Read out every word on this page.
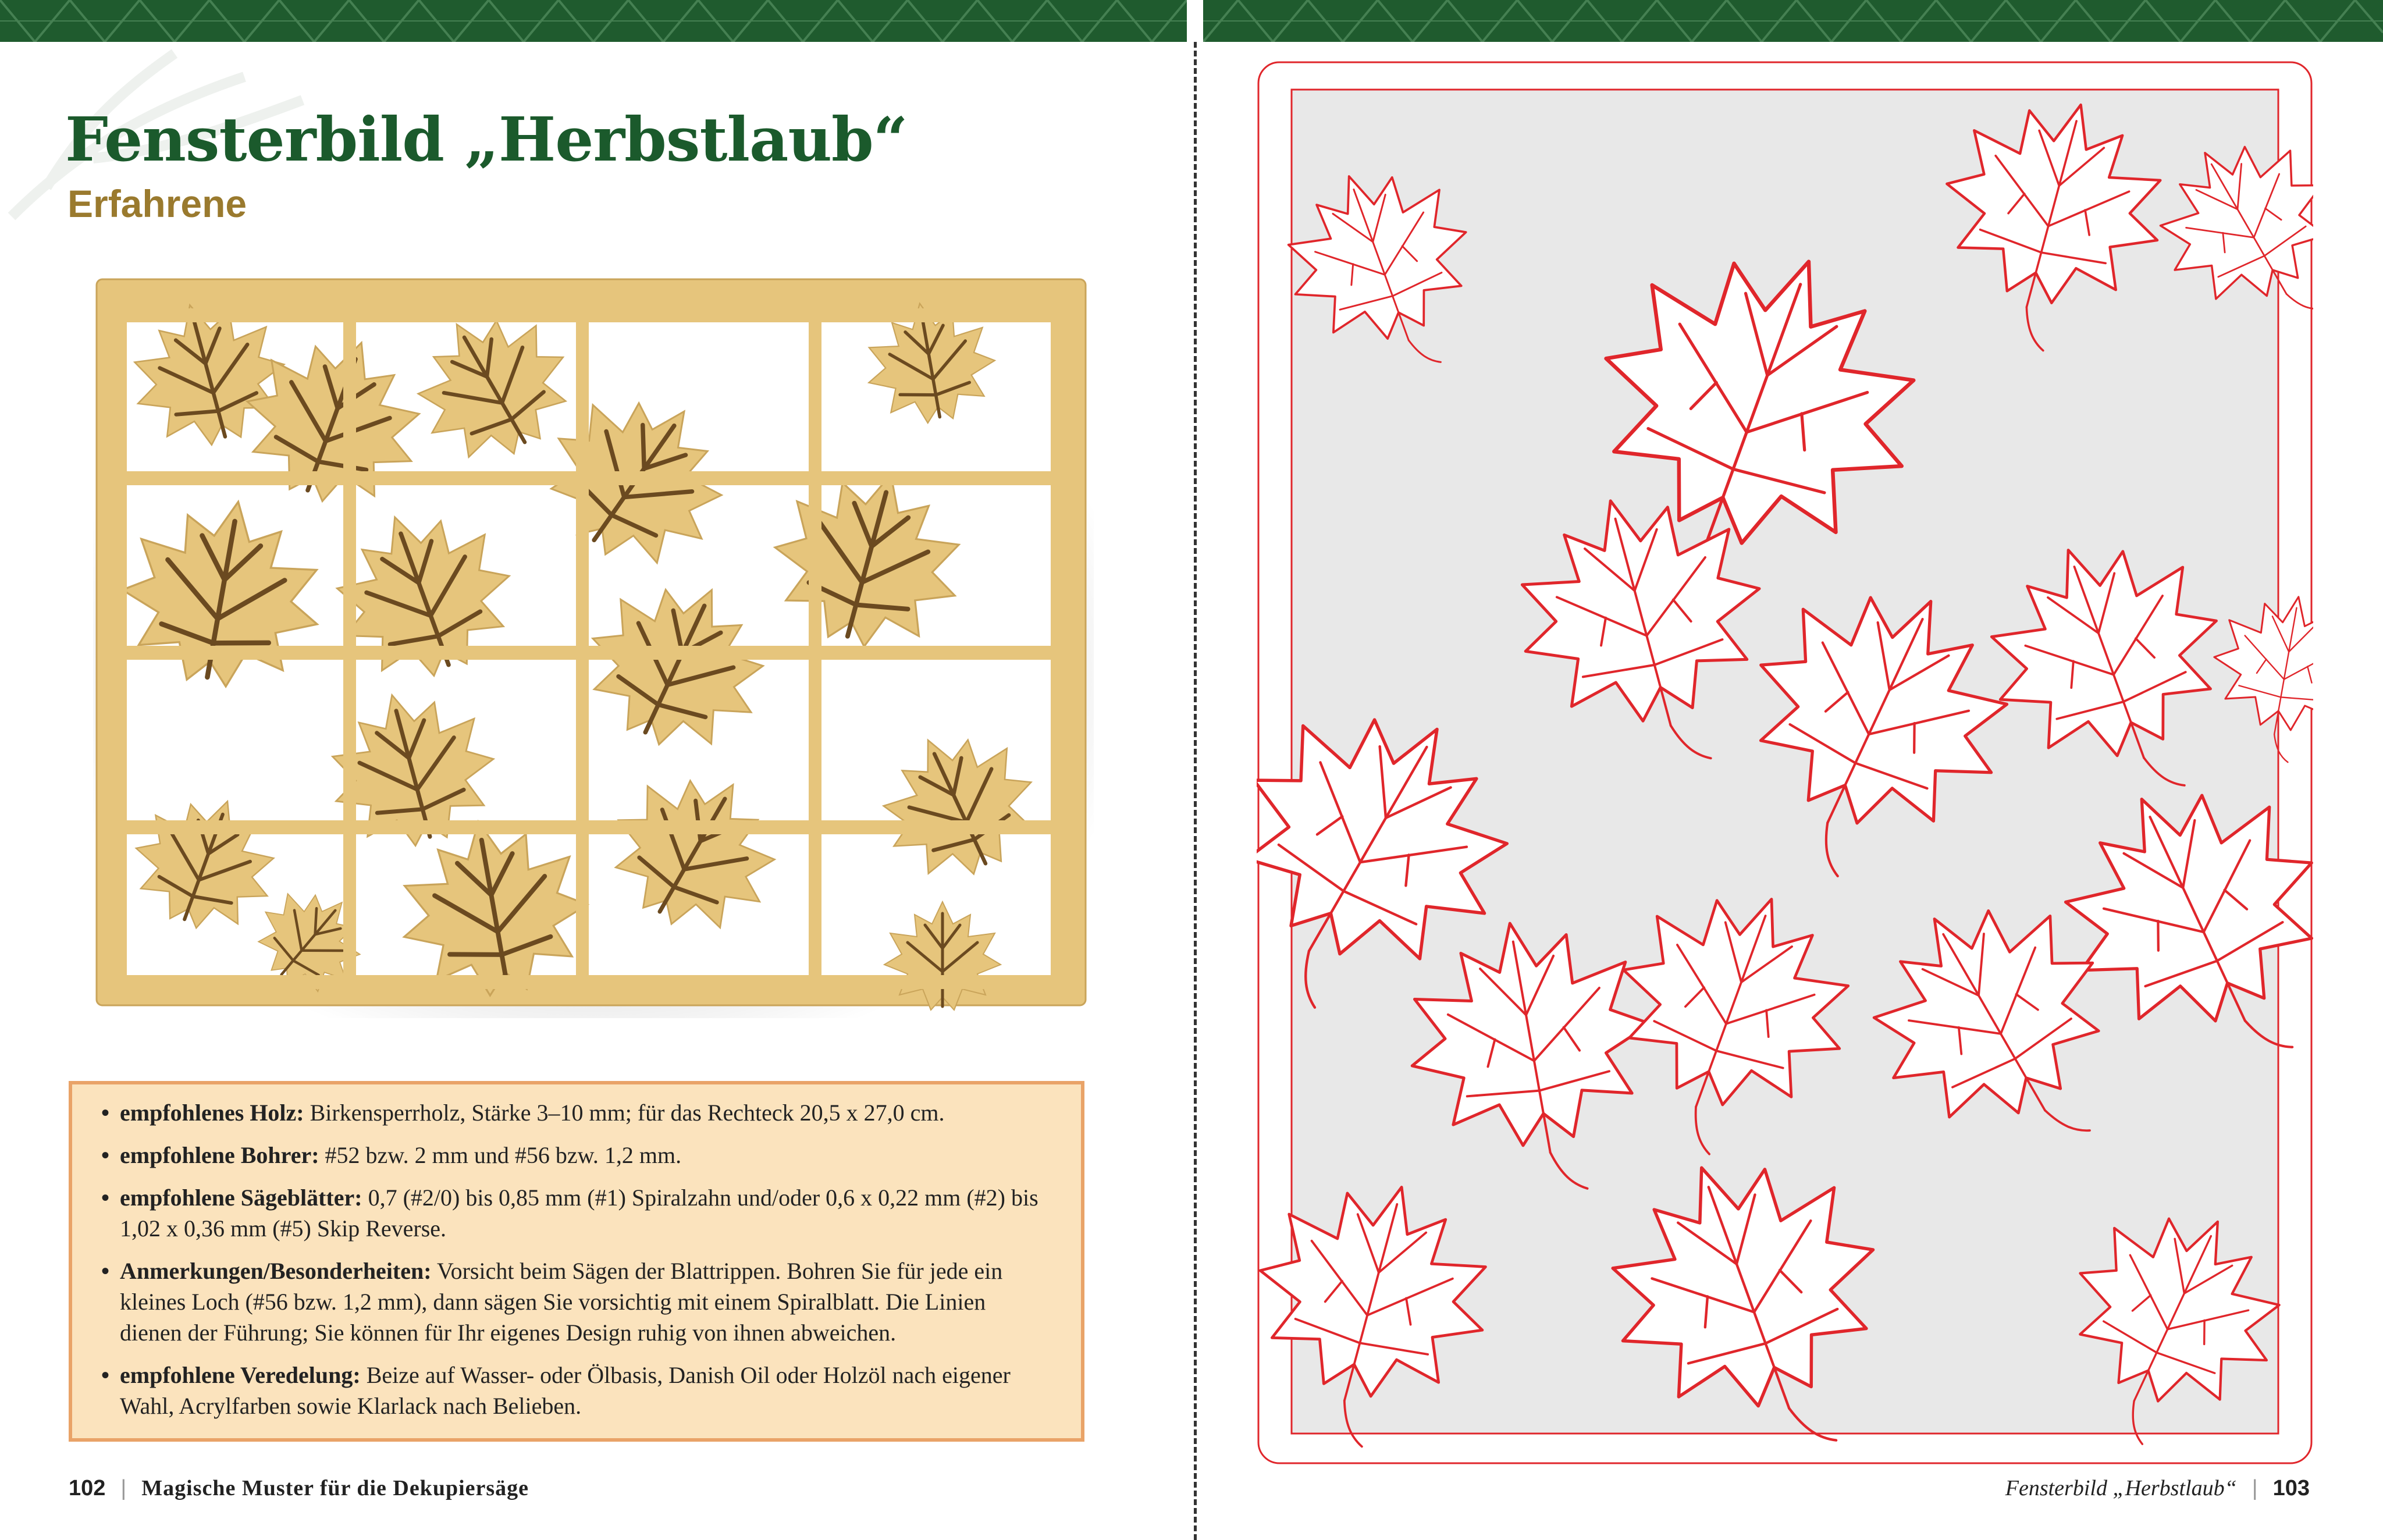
Fensterbild „Herbstlaub“
Erfahrene
• empfohlenes Holz: Birkensperrholz, Stärke 3–10 mm; für das Rechteck 20,5 x 27,0 cm.
• empfohlene Bohrer: #52 bzw. 2 mm und #56 bzw. 1,2 mm.
• empfohlene Sägeblätter: 0,7 (#2/0) bis 0,85 mm (#1) Spiralzahn und/oder 0,6 x 0,22 mm (#2) bis 1,02 x 0,36 mm (#5) Skip Reverse.
• Anmerkungen/Besonderheiten: Vorsicht beim Sägen der Blattrippen. Bohren Sie für jede ein kleines Loch (#56 bzw. 1,2 mm), dann sägen Sie vorsichtig mit einem Spiralblatt. Die Linien dienen der Führung; Sie können für Ihr eigenes Design ruhig von ihnen abweichen.
• empfohlene Veredelung: Beize auf Wasser- oder Ölbasis, Danish Oil oder Holzöl nach eigener Wahl, Acrylfarben sowie Klarlack nach Belieben.
102 | Magische Muster für die Dekupiersäge	Fensterbild „Herbstlaub“ | 103
